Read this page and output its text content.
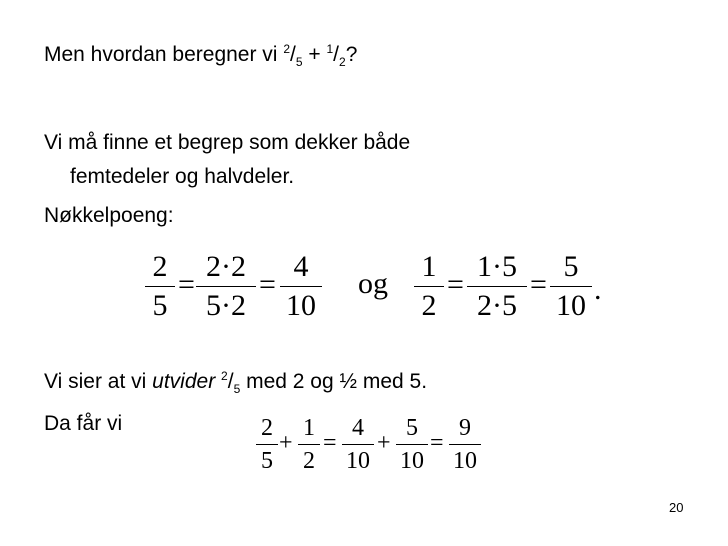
Men hvordan beregner vi $^2/_5 + ^1/_2$?
Vi må finne et begrep som dekker både
femtedeler og halvdeler.
Nøkkelpoeng:
2
5
=
2·2
5·2
=
4
10
og
1
2
=
1·5
2·5
=
5
10 .
Vi sier at vi utvider $^2/_5$ med 2 og ½ med 5.
Da får vi	2
5
+
1
2
=
4
10
+
5
10
=
9
10
20
